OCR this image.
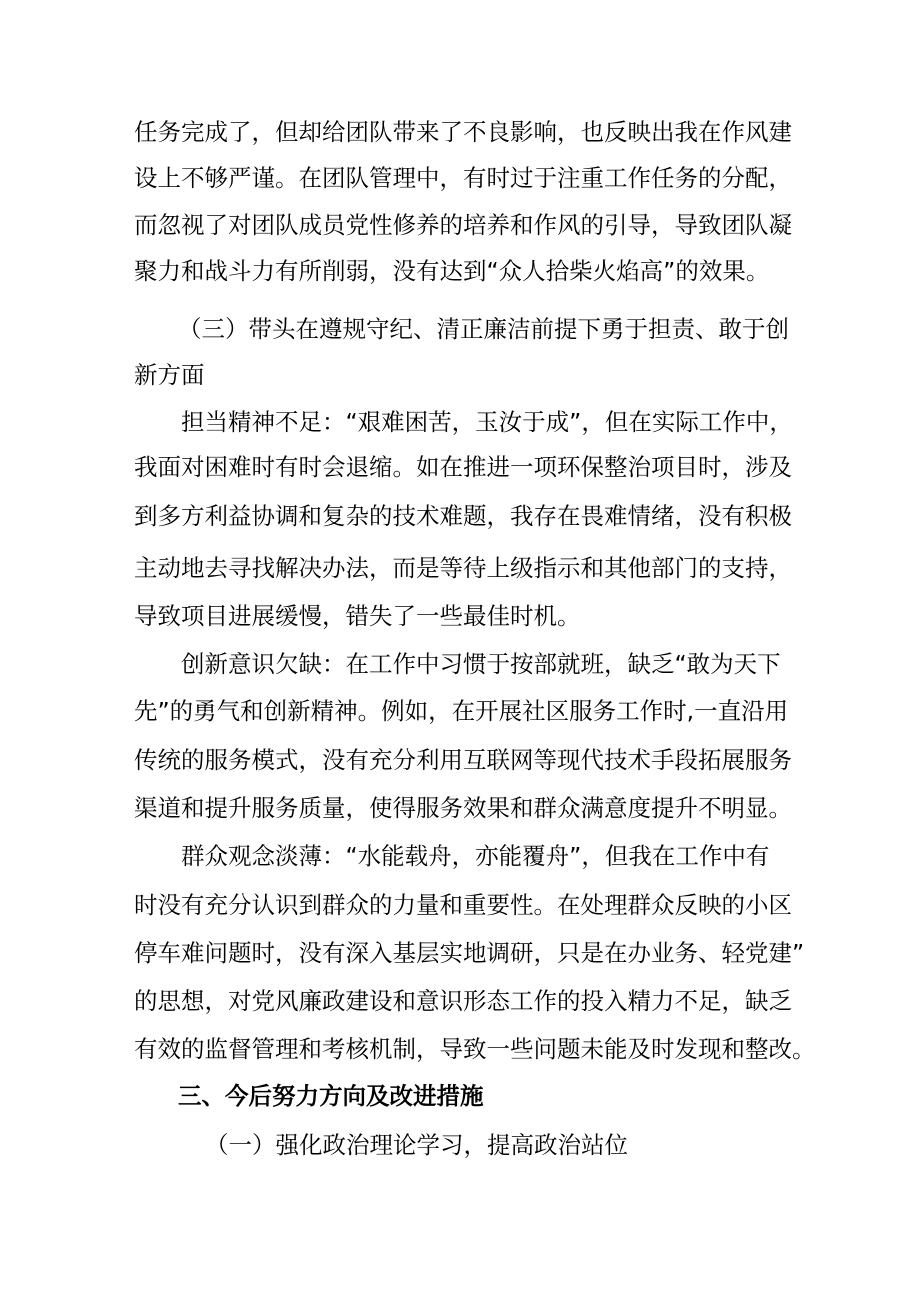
任务完成了，但却给团队带来了不良影响，也反映出我在作风建
设上不够严谨。在团队管理中，有时过于注重工作任务的分配，
而忽视了对团队成员党性修养的培养和作风的引导，导致团队凝
聚力和战斗力有所削弱，没有达到“众人拾柴火焰高”的效果。
（三）带头在遵规守纪、清正廉洁前提下勇于担责、敢于创
新方面
担当精神不足：“艰难困苦，玉汝于成”，但在实际工作中，
我面对困难时有时会退缩。如在推进一项环保整治项目时，涉及
到多方利益协调和复杂的技术难题，我存在畏难情绪，没有积极
主动地去寻找解决办法，而是等待上级指示和其他部门的支持，
导致项目进展缓慢，错失了一些最佳时机。
创新意识欠缺：在工作中习惯于按部就班，缺乏“敢为天下
先”的勇气和创新精神。例如，在开展社区服务工作时,一直沿用
传统的服务模式，没有充分利用互联网等现代技术手段拓展服务
渠道和提升服务质量，使得服务效果和群众满意度提升不明显。
群众观念淡薄：“水能载舟，亦能覆舟”，但我在工作中有
时没有充分认识到群众的力量和重要性。在处理群众反映的小区
停车难问题时，没有深入基层实地调研，只是在办业务、轻党建”
的思想，对党风廉政建设和意识形态工作的投入精力不足，缺乏
有效的监督管理和考核机制，导致一些问题未能及时发现和整改。
三、今后努力方向及改进措施
（一）强化政治理论学习，提高政治站位
